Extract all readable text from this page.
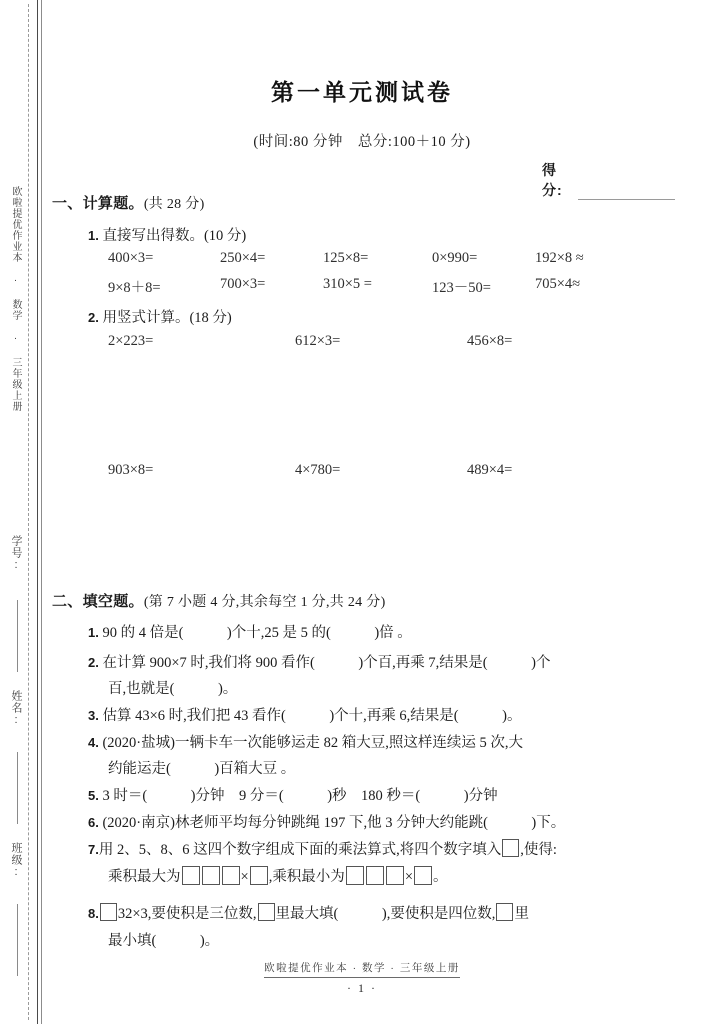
欧啦提优作业本 · 数学 · 三年级上册
学号:
姓名:
班级:
第一单元测试卷
(时间:80 分钟　总分:100＋10 分)
得分:
一、计算题。(共 28 分)
1. 直接写出得数。(10 分)
400×3=	250×4=	125×8=	0×990=	192×8 ≈
9×8＋8=	700×3=	310×5 =	123－50=	705×4≈
2. 用竖式计算。(18 分)
2×223=	612×3=	456×8=
903×8=	4×780=	489×4=
二、填空题。(第 7 小题 4 分,其余每空 1 分,共 24 分)
1. 90 的 4 倍是(　　　)个十,25 是 5 的(　　　)倍 。
2. 在计算 900×7 时,我们将 900 看作(　　　)个百,再乘 7,结果是(　　　)个
百,也就是(　　　)。
3. 估算 43×6 时,我们把 43 看作(　　　)个十,再乘 6,结果是(　　　)。
4. (2020·盐城)一辆卡车一次能够运走 82 箱大豆,照这样连续运 5 次,大
约能运走(　　　)百箱大豆 。
5. 3 时＝(　　　)分钟　9 分＝(　　　)秒　180 秒＝(　　　)分钟
6. (2020·南京)林老师平均每分钟跳绳 197 下,他 3 分钟大约能跳(　　　)下。
7.用 2、5、8、6 这四个数字组成下面的乘法算式,将四个数字填入 ,使得:
乘积最大为	× ,乘积最小为	× 。
8. 32×3,要使积是三位数, 里最大填(　　　),要使积是四位数, 里
最小填(　　　)。
欧啦提优作业本 · 数学 · 三年级上册
· 1 ·
